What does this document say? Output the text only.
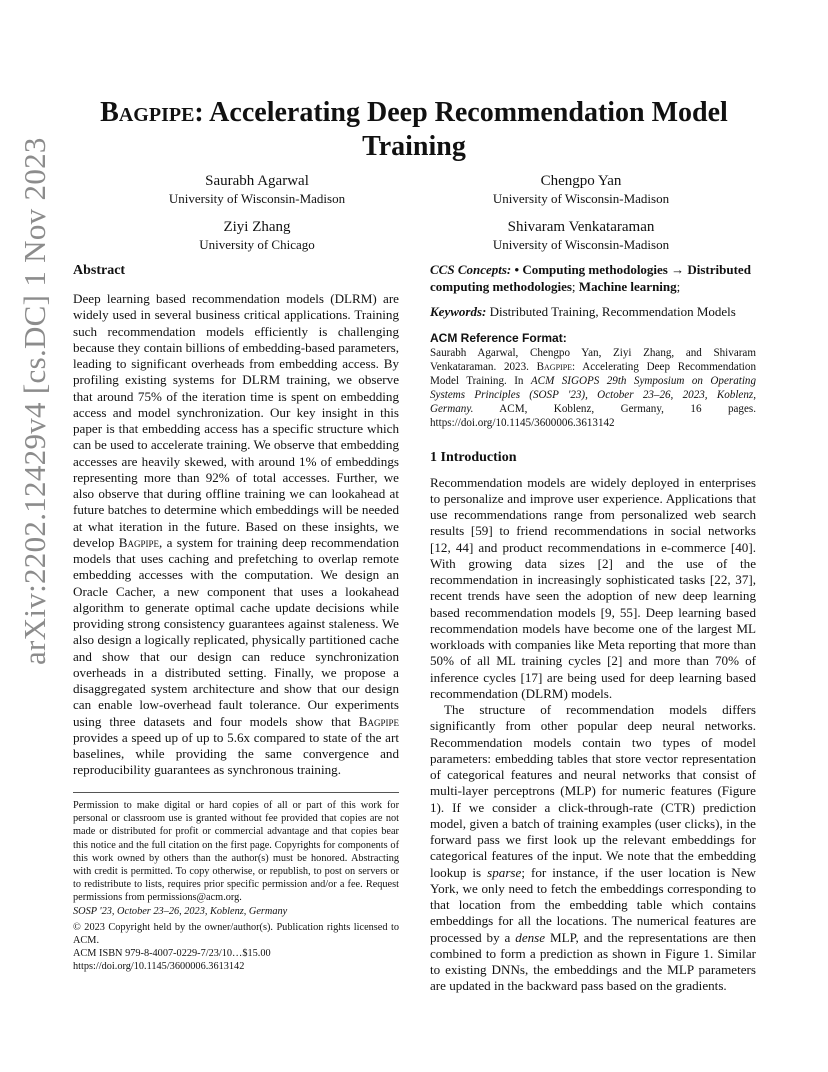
arXiv:2202.12429v4 [cs.DC] 1 Nov 2023
Bagpipe: Accelerating Deep Recommendation Model Training
Saurabh Agarwal
University of Wisconsin-Madison
Chengpo Yan
University of Wisconsin-Madison
Ziyi Zhang
University of Chicago
Shivaram Venkataraman
University of Wisconsin-Madison
Abstract

Deep learning based recommendation models (DLRM) are widely used in several business critical applications. Training such recommendation models efficiently is challenging because they contain billions of embedding-based parameters, leading to significant overheads from embedding access. By profiling existing systems for DLRM training, we observe that around 75% of the iteration time is spent on embedding access and model synchronization. Our key insight in this paper is that embedding access has a specific structure which can be used to accelerate training. We observe that embedding accesses are heavily skewed, with around 1% of embeddings representing more than 92% of total accesses. Further, we also observe that during offline training we can lookahead at future batches to determine which embeddings will be needed at what iteration in the future. Based on these insights, we develop Bagpipe, a system for training deep recommendation models that uses caching and prefetching to overlap remote embedding accesses with the computation. We design an Oracle Cacher, a new component that uses a lookahead algorithm to generate optimal cache update decisions while providing strong consistency guarantees against staleness. We also design a logically replicated, physically partitioned cache and show that our design can reduce synchronization overheads in a distributed setting. Finally, we propose a disaggregated system architecture and show that our design can enable low-overhead fault tolerance. Our experiments using three datasets and four models show that Bagpipe provides a speed up of up to 5.6x compared to state of the art baselines, while providing the same convergence and reproducibility guarantees as synchronous training.

Permission to make digital or hard copies of all or part of this work for personal or classroom use is granted without fee provided that copies are not made or distributed for profit or commercial advantage and that copies bear this notice and the full citation on the first page. Copyrights for components of this work owned by others than the author(s) must be honored. Abstracting with credit is permitted. To copy otherwise, or republish, to post on servers or to redistribute to lists, requires prior specific permission and/or a fee. Request permissions from permissions@acm.org.

SOSP '23, October 23–26, 2023, Koblenz, Germany

© 2023 Copyright held by the owner/author(s). Publication rights licensed to ACM.

ACM ISBN 979-8-4007-0229-7/23/10…$15.00

https://doi.org/10.1145/3600006.3613142

CCS Concepts: • Computing methodologies → Distributed computing methodologies; Machine learning;

Keywords: Distributed Training, Recommendation Models

ACM Reference Format:

Saurabh Agarwal, Chengpo Yan, Ziyi Zhang, and Shivaram Venkataraman. 2023. Bagpipe: Accelerating Deep Recommendation Model Training. In ACM SIGOPS 29th Symposium on Operating Systems Principles (SOSP '23), October 23–26, 2023, Koblenz, Germany. ACM, Koblenz, Germany, 16 pages. https://doi.org/10.1145/3600006.3613142

1 Introduction

Recommendation models are widely deployed in enterprises to personalize and improve user experience. Applications that use recommendations range from personalized web search results [59] to friend recommendations in social networks [12, 44] and product recommendations in e-commerce [40]. With growing data sizes [2] and the use of the recommendation in increasingly sophisticated tasks [22, 37], recent trends have seen the adoption of new deep learning based recommendation models [9, 55]. Deep learning based recommendation models have become one of the largest ML workloads with companies like Meta reporting that more than 50% of all ML training cycles [2] and more than 70% of inference cycles [17] are being used for deep learning based recommendation (DLRM) models.

The structure of recommendation models differs significantly from other popular deep neural networks. Recommendation models contain two types of model parameters: embedding tables that store vector representation of categorical features and neural networks that consist of multi-layer perceptrons (MLP) for numeric features (Figure 1). If we consider a click-through-rate (CTR) prediction model, given a batch of training examples (user clicks), in the forward pass we first look up the relevant embeddings for categorical features of the input. We note that the embedding lookup is sparse; for instance, if the user location is New York, we only need to fetch the embeddings corresponding to that location from the embedding table which contains embeddings for all the locations. The numerical features are processed by a dense MLP, and the representations are then combined to form a prediction as shown in Figure 1. Similar to existing DNNs, the embeddings and the MLP parameters are updated in the backward pass based on the gradients.
